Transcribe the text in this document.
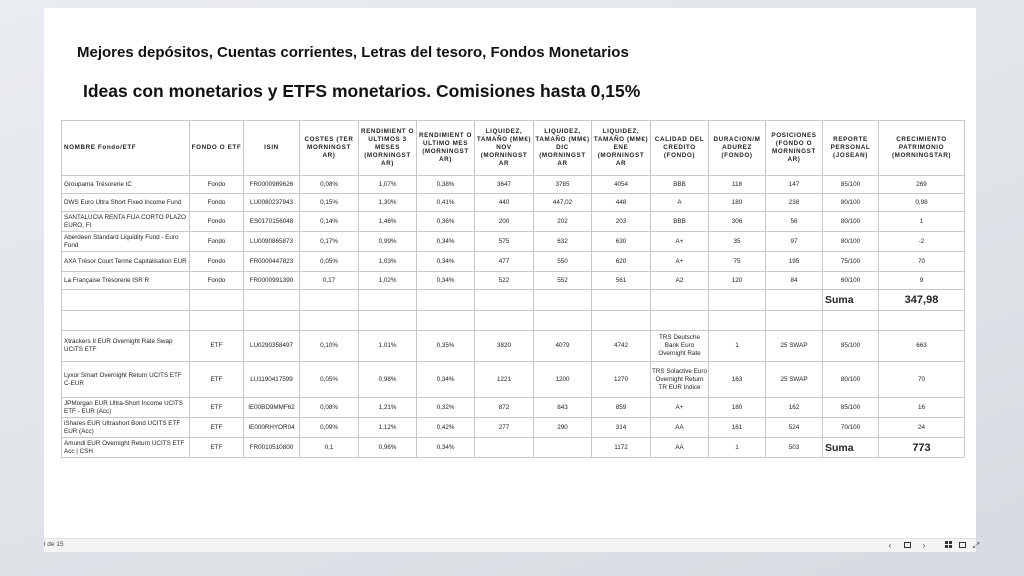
Mejores depósitos, Cuentas corrientes, Letras del tesoro, Fondos Monetarios
Ideas con monetarios y ETFS monetarios. Comisiones hasta 0,15%
NOMBRE Fondo/ETF	FONDO O ETF	ISIN	COSTES (TER MORNINGST AR)	RENDIMIENT O ULTIMOS 3 MESES (MORNINGST AR)	RENDIMIENT O ULTIMO MES (MORNINGST AR)	LIQUIDEZ, TAMAÑO (MM€) NOV (MORNINGST AR	LIQUIDEZ, TAMAÑO (MM€) DIC (MORNINGST AR	LIQUIDEZ, TAMAÑO (MM€) ENE (MORNINGST AR	CALIDAD DEL CREDITO (FONDO)	DURACION/M ADUREZ (FONDO)	POSICIONES (FONDO O MORNINGST AR)	REPORTE PERSONAL (JOSEAN)	CRECIMIENTO PATRIMONIO (MORNINGSTAR)
Groupama Trésorerie IC	Fondo	FR0000989626	0,08%	1,07%	0,38%	3647	3785	4054	BBB	118	147	85/100	269
DWS Euro Ultra Short Fixed Income Fund	Fondo	LU0080237943	0,15%	1,30%	0,41%	440	447,02	448	A	180	238	80/100	0,98
SANTALUCIA RENTA FIJA CORTO PLAZO EURO, FI	Fondo	ES0170156048	0,14%	1,46%	0,36%	200	202	203	BBB	306	56	80/100	1
Aberdeen Standard Liquidity Fund - Euro Fund	Fondo	LU0090865873	0,17%	0,99%	0,34%	575	632	630	A+	35	97	80/100	-2
AXA Trésor Court Terme Capitalisation EUR	Fondo	FR0000447823	0,05%	1,03%	0,34%	477	550	620	A+	75	195	75/100	70
La Française Trésorerie ISR R	Fondo	FR0000991390	0,17	1,02%	0,34%	522	552	561	A2	120	84	60/100	9
												Suma	347,98

Xtrackers II EUR Overnight Rate Swap UCITS ETF	ETF	LU0290358497	0,10%	1,01%	0,35%	3820	4079	4742	TRS Deutsche Bank Euro Overnight Rate	1	25 SWAP	85/100	663
Lyxor Smart Overnight Return UCITS ETF C-EUR	ETF	LU1190417599	0,05%	0,98%	0,34%	1221	1200	1270	TRS Solactive Euro Overnight Return TR EUR Indice	163	25 SWAP	80/100	70
JPMorgan EUR Ultra-Short Income UCITS ETF - EUR (Acc)	ETF	IE00BD9MMF62	0,08%	1,21%	0,32%	872	843	859	A+	180	162	85/100	16
iShares EUR Ultrashort Bond UCITS ETF EUR (Acc)	ETF	IE000RHYOR04	0,09%	1,12%	0,42%	277	290	314	AA	161	524	70/100	24
Amundi EUR Overnight Return UCITS ETF Acc | CSH	ETF	FR0010510800	0,1	0,96%	0,34%			1172	AA	1	503	Suma	773
l de 15	‹	›	⤢
